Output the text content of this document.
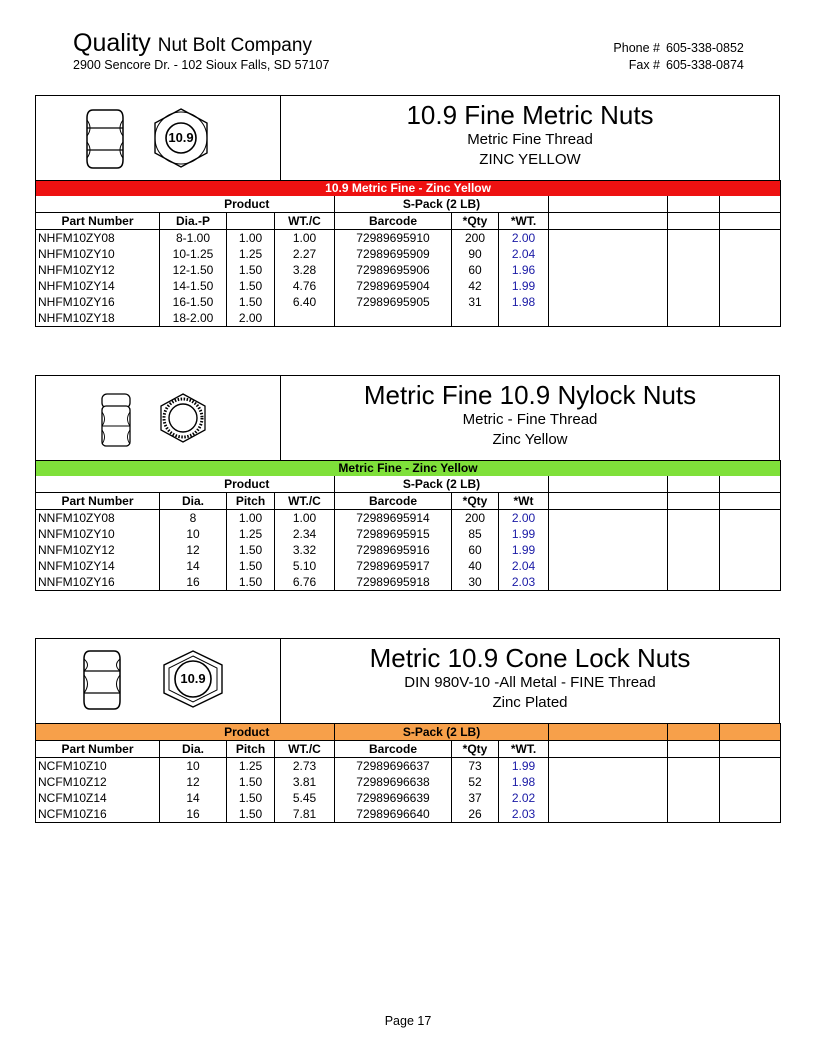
Quality Nut Bolt Company
2900 Sencore Dr. - 102 Sioux Falls, SD 57107
Phone # 605-338-0852
Fax # 605-338-0874
10.9
10.9 Fine Metric Nuts
Metric Fine Thread
ZINC YELLOW
10.9 Metric Fine - Zinc Yellow									
	Product			S-Pack (2 LB)					
Part Number	Dia.-P		WT./C	Barcode	*Qty	*WT.			
NHFM10ZY08	8-1.00	1.00	1.00	72989695910	200	2.00			
NHFM10ZY10	10-1.25	1.25	2.27	72989695909	90	2.04			
NHFM10ZY12	12-1.50	1.50	3.28	72989695906	60	1.96			
NHFM10ZY14	14-1.50	1.50	4.76	72989695904	42	1.99			
NHFM10ZY16	16-1.50	1.50	6.40	72989695905	31	1.98			
NHFM10ZY18	18-2.00	2.00							
Metric Fine 10.9 Nylock Nuts
Metric - Fine Thread
Zinc Yellow
Metric Fine - Zinc Yellow									
	Product			S-Pack (2 LB)					
Part Number	Dia.	Pitch	WT./C	Barcode	*Qty	*Wt			
NNFM10ZY08	8	1.00	1.00	72989695914	200	2.00			
NNFM10ZY10	10	1.25	2.34	72989695915	85	1.99			
NNFM10ZY12	12	1.50	3.32	72989695916	60	1.99			
NNFM10ZY14	14	1.50	5.10	72989695917	40	2.04			
NNFM10ZY16	16	1.50	6.76	72989695918	30	2.03			
10.9
Metric 10.9 Cone Lock Nuts
DIN 980V-10 -All Metal - FINE Thread
Zinc Plated
	Product			S-Pack (2 LB)					
Part Number	Dia.	Pitch	WT./C	Barcode	*Qty	*WT.			
NCFM10Z10	10	1.25	2.73	72989696637	73	1.99			
NCFM10Z12	12	1.50	3.81	72989696638	52	1.98			
NCFM10Z14	14	1.50	5.45	72989696639	37	2.02			
NCFM10Z16	16	1.50	7.81	72989696640	26	2.03			
Page 17
